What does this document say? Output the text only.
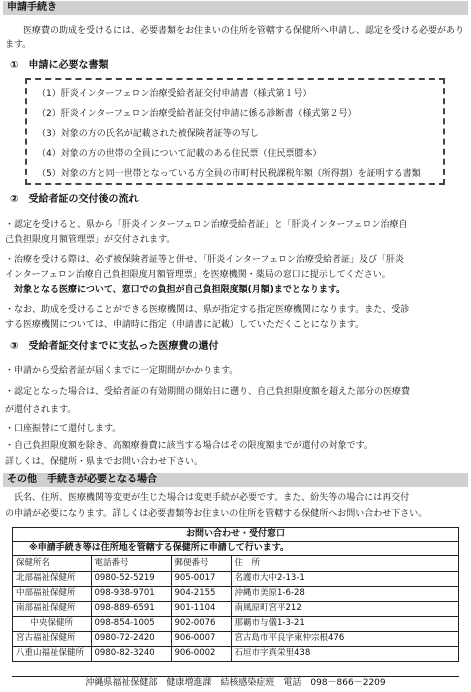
申請手続き
医療費の助成を受けるには、必要書類をお住まいの住所を管轄する保健所へ申請し、認定を受ける必要があります。
①　申請に必要な書類
（1）肝炎インターフェロン治療受給者証交付申請書（様式第１号）
（2）肝炎インターフェロン治療受給者証交付申請に係る診断書（様式第２号）
（3）対象の方の氏名が記載された被保険者証等の写し
（4）対象の方の世帯の全員について記載のある住民票（住民票謄本）
（5）対象の方と同一世帯となっている方全員の市町村民税課税年額（所得割）を証明する書類
②　受給者証の交付後の流れ
・認定を受けると、県から「肝炎インターフェロン治療受給者証」と「肝炎インターフェロン治療自
己負担限度月額管理票」が交付されます。
・治療を受ける際は、必ず被保険者証等と併せ、「肝炎インターフェロン治療受給者証」及び「肝炎
インターフェロン治療自己負担限度月額管理票」を医療機関・薬局の窓口に提示してください。
　対象となる医療について、窓口での負担が自己負担限度額(月額)までとなります。
・なお、助成を受けることができる医療機関は、県が指定する指定医療機関になります。また、受診
する医療機関については、申請時に指定（申請書に記載）していただくことになります。
③　受給者証交付までに支払った医療費の還付
・申請から受給者証が届くまでに一定期間がかかります。
・認定となった場合は、受給者証の有効期間の開始日に遡り、自己負担限度額を超えた部分の医療費
が還付されます。
・口座振替にて還付します。
・自己負担限度額を除き、高額療養費に該当する場合はその限度額までが還付の対象です。
詳しくは、保健所・県までお問い合わせ下さい。
その他　手続きが必要となる場合
　氏名、住所、医療機関等変更が生じた場合は変更手続が必要です。また、紛失等の場合には再交付
の申請が必要になります。詳しくは必要書類等お住まいの住所を管轄する保健所へお問い合わせ下さい。
お問い合わせ・受付窓口
※申請手続き等は住所地を管轄する保健所に申請して行います。
保健所名	電話番号	郵便番号	住　所
北部福祉保健所	0980-52-5219	905-0017	名護市大中2-13-1
中部福祉保健所	098-938-9701	904-2155	沖縄市美原1-6-28
南部福祉保健所	098-889-6591	901-1104	南風原町宮平212
中央保健所	098-854-1005	902-0076	那覇市与儀1-3-21
宮古福祉保健所	0980-72-2420	906-0007	宮古島市平良字東仲宗根476
八重山福祉保健所	0980-82-3240	906-0002	石垣市字真栄里438
沖縄県福祉保健部　健康増進課　結核感染症班　電話　098－866－2209
